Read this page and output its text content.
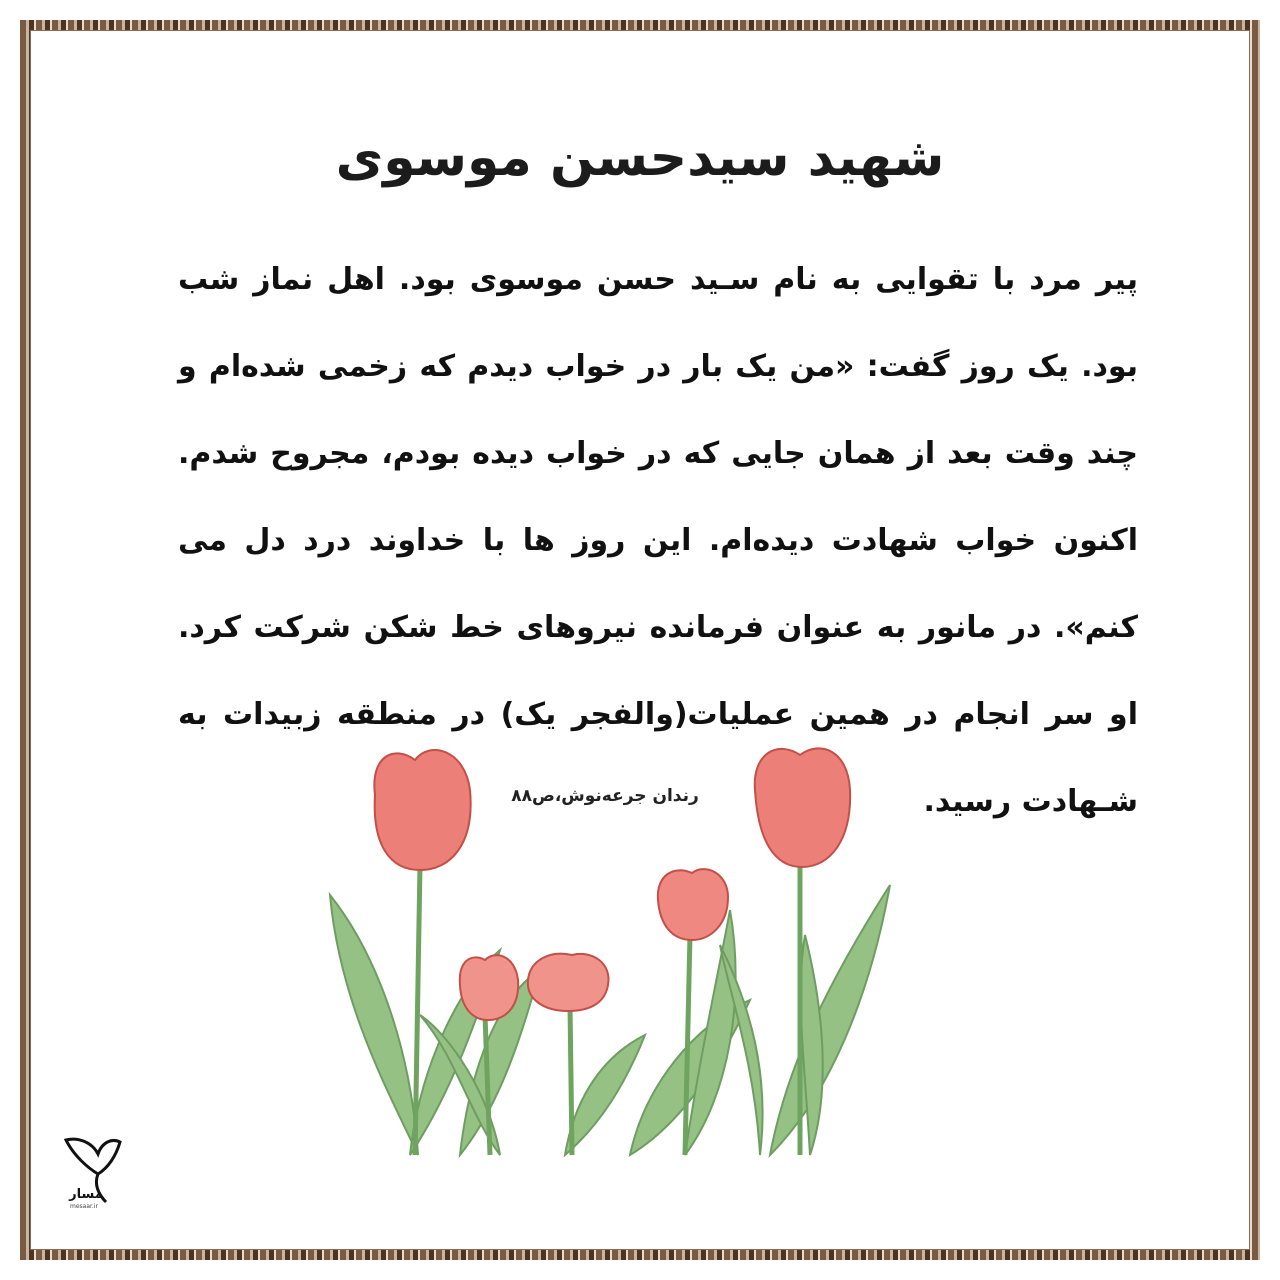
شهید سیدحسن موسوی

پیر مرد با تقوایی به نام سـید حسن موسوی بود. اهل نماز شب بود. یک روز گفت: «من یک بار در خواب دیدم که زخمی شده‌ام و چند وقت بعد از همان جایی که در خواب دیده بودم، مجروح شدم. اکنون خواب شهادت دیده‌ام. این روز ها با خداوند درد دل می کنم». در مانور به عنوان فرمانده نیروهای خط شکن شرکت کرد. او سر انجام در همین عملیات(والفجر یک) در منطقه زبیدات به شـهادت رسید.

رندان جرعه‌نوش،ص۸۸

مسار
mesaar.ir
